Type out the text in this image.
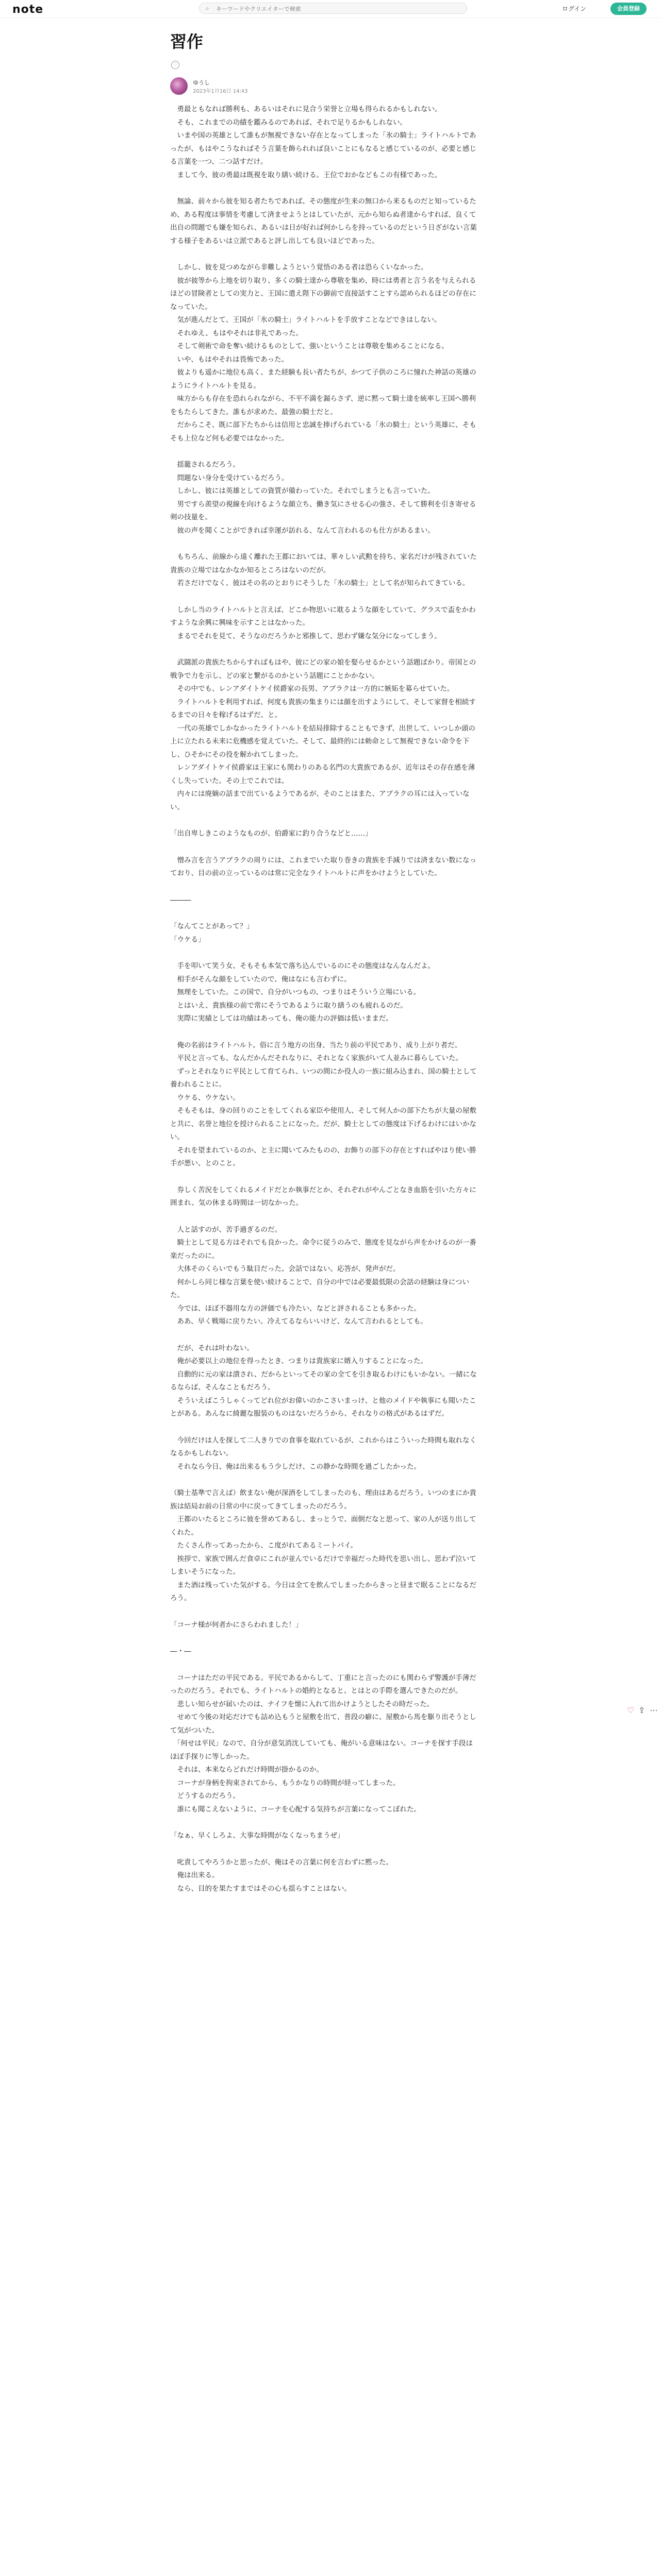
note	⌕
キーワードやクリエイターで検索	ログイン	会員登録
習作
♡
ゆうし
2023年1月16日 14:43

　勇最ともなれば勝利も、あるいはそれに見合う栄誉と立場も得られるかもしれない。
　そも、これまでの功績を鑑みるのであれば、それで足りるかもしれない。
　いまや国の英雄として誰もが無視できない存在となってしまった「氷の騎士」ライトハルトであったが、もはやこうなればそう言葉を飾られれば良いことにもなると感じているのが、必要と感じる言葉を一つ、二つ話すだけ。
　まして今、彼の勇最は既視を取り繕い続ける。王位でおかなどもこの有様であった。

　無論、前々から彼を知る者たちであれば、その態度が生来の無口から来るものだと知っているため、ある程度は事情を考慮して済ませようとはしていたが、元から知らぬ者達からすれば、良くて出自の問題でも嫌を知られ、あるいは日が好れば何かしらを持っているのだという日ざがない言葉する様子をあるいは立派であると評し出しても良いほどであった。

　しかし、彼を見つめながら非難しようという覚悟のある者は恐らくいなかった。
　彼が彼等から上地を切り取り、多くの騎士達から尊敬を集め、時には勇者と言う名を与えられるほどの冒険者としての実力と、王国に遣え陛下の御前で直接話すことすら認められるほどの存在になっていた。
　気が進んだとて、王国が「氷の騎士」ライトハルトを手放すことなどできはしない。
　それゆえ、もはやそれは非礼であった。
　そして剣術で命を奪い続けるものとして、強いということは尊敬を集めることになる。
　いや、もはやそれは畏怖であった。
　彼よりも遥かに地位も高く、また経験も長い者たちが、かつて子供のころに憧れた神話の英雄のようにライトハルトを見る。
　味方からも存在を恐れられながら、不平不満を漏らさず、逆に黙って騎士達を統率し王国へ勝利をもたらしてきた。誰もが求めた、最強の騎士だと。
　だからこそ、既に部下たちからは信用と忠誠を捧げられている「氷の騎士」という英雄に、そもそも上位など何も必要ではなかった。

　揺籠されるだろう。
　問題ない身分を受けているだろう。
　しかし、彼には英雄としての資質が備わっていた。それでしまうとも言っていた。
　男ですら羨望の視線を向けるような顔立ち、働き気にさせる心の強さ、そして勝利を引き寄せる剣の技量を。
　彼の声を聞くことができれば幸運が訪れる、なんて言われるのも仕方があるまい。

　もちろん、前線から遠く離れた王都においては、華々しい武勲を持ち、家名だけが残されていた貴族の立場ではなかなか知るところはないのだが。
　若さだけでなく、彼はその名のとおりにそうした「氷の騎士」として名が知られてきている。

　しかし当のライトハルトと言えば、どこか物思いに耽るような顔をしていて、グラスで盃をかわすような余興に興味を示すことはなかった。
　まるでそれを見て、そうなのだろうかと邪推して、思わず嫌な気分になってしまう。

　武闘派の貴族たちからすればもはや、彼にどの家の娘を娶らせるかという話題ばかり。帝国との戦争で力を示し、どの家と繋がるのかという話題にことかかない。
　その中でも、レンアダイトケイ侯爵家の長男、アブラクは一方的に嫉妬を募らせていた。
　ライトハルトを利用すれば、何度も貴族の集まりには顔を出すようにして、そして家督を相続するまでの日々を稼げるはずだ、と。
　一代の英雄でしかなかったライトハルトを結局排除することもできず、出世して、いつしか頭の上に立たれる未来に危機感を覚えていた。そして、最終的には勅命として無視できない命令を下し、ひそかにその役を解かれてしまった。
　レンアダイトケイ侯爵家は王家にも関わりのある名門の大貴族であるが、近年はその存在感を薄くし失っていた。その上でこれでは。
　内々には廃嫡の話まで出ているようであるが、そのことはまた、アブラクの耳には入っていない。

「出自卑しきこのようなものが、伯爵家に釣り合うなどと……」

　憎み言を言うアブラクの周りには、これまでいた取り巻きの貴族を手減りでは済まない数になっており、目の前の立っているのは常に完全なライトハルトに声をかけようとしていた。

―――

「なんてことがあって？」
「ウケる」

　手を叩いて笑う女、そもそも本気で落ち込んでいるのにその態度はなんなんだよ。
　相手がそんな顔をしていたので、俺はなにも言わずに。
　無理をしていた。この国で、自分がいつもの、つまりはそういう立場にいる。
　とはいえ、貴族様の前で常にそうであるように取り繕うのも疲れるのだ。
　実際に実績としては功績はあっても、俺の能力の評価は低いままだ。

　俺の名前はライトハルト。俗に言う地方の出身、当たり前の平民であり、成り上がり者だ。
　平民と言っても、なんだかんだそれなりに、それとなく家族がいて人並みに暮らしていた。
　ずっとそれなりに平民として育てられ、いつの間にか役人の一族に組み込まれ、国の騎士として養われることに。
　ウケる、ウケない。
　そもそもは、身の回りのことをしてくれる家臣や使用人、そして何人かの部下たちが大量の屋敷と共に、名誉と地位を授けられることになった。だが、騎士としての態度は下げるわけにはいかない。
　それを望まれているのか、と主に聞いてみたものの、お飾りの部下の存在とすればやはり使い勝手が悪い、とのこと。

　券しく苦況をしてくれるメイドだとか執事だとか、それぞれがやんごとなき血筋を引いた方々に囲まれ、気の休まる時間は一切なかった。

　人と話すのが、苦手過ぎるのだ。
　騎士として見る方はそれでも良かった。命令に従うのみで、態度を見ながら声をかけるのが一番楽だったのに。
　大体そのくらいでもう駄目だった。会話ではない。応答が、発声がだ。
　何かしら同じ様な言葉を使い続けることで、自分の中では必要最低限の会話の経験は身についた。
　今では、ほぼ不器用な方の評価でも冷たい、などと評されることも多かった。
　ああ、早く戦場に戻りたい。冷えてるならいいけど、なんて言われるとしても。

　だが、それは叶わない。
　俺が必要以上の地位を得ったとき、つまりは貴族家に婿入りすることになった。
　自動的に元の家は潰され、だからといってその家の全てを引き取るわけにもいかない。一緒になるならば、そんなこともだろう。
　そういえばこうしゃくってどれ位がお偉いのかこさいまっけ、と他のメイドや執事にも聞いたことがある。あんなに綺麗な服装のものはないだろうから、それなりの格式があるはずだ。

　今回だけは人を探して二人きりでの食事を取れているが、これからはこういった時間も取れなくなるかもしれない。
　それなら今日、俺は出来るもう少しだけ、この静かな時間を過ごしたかった。

（騎士基準で言えば）飲まない俺が深酒をしてしまったのも、理由はあるだろう。いつのまにか貴族は結局お前の日常の中に戻ってきてしまったのだろう。
　王都のいたるところに彼を誉めてあるし、まっとうで、面倒だなと思って、家の人が送り出してくれた。
　たくさん作ってあったから、こ度がれてあるミートパイ。
　挨拶で、家族で囲んだ食卓にこれが並んでいるだけで幸福だった時代を思い出し、思わず泣いてしまいそうになった。
　また酒は残っていた気がする。今日は全てを飲んでしまったからきっと昼まで眠ることになるだろう。

「コーナ様が何者かにさらわれました！」

―・―

　コーナはただの平民である。平民であるからして、丁重にと言ったのにも関わらず警護が手薄だったのだろう。それでも、ライトハルトの婚約となると、とはとの手際を選んできたのだが。
　悲しい知らせが届いたのは、ナイフを懐に入れて出かけようとしたその時だった。
　せめて今後の対応だけでも詰め込もうと屋敷を出て、普段の癖に、屋敷から馬を駆り出そうとして気がついた。
　「何せは平民」なので、自分が意気消沈していても、俺がいる意味はない。コーナを探す手段はほぼ手探りに等しかった。
　それは、本来ならどれだけ時間が掛かるのか。
　コーナが身柄を拘束されてから、もうかなりの時間が経ってしまった。
　どうするのだろう。
　誰にも聞こえないように、コーナを心配する気持ちが言葉になってこぼれた。

「なぁ、早くしろよ、大事な時間がなくなっちまうぜ」

　叱責してやろうかと思ったが、俺はその言葉に何を言わずに黙った。
　俺は出来る。
　なら、目的を果たすまではその心も揺らすことはない。

♡ ⇪ ⋯
